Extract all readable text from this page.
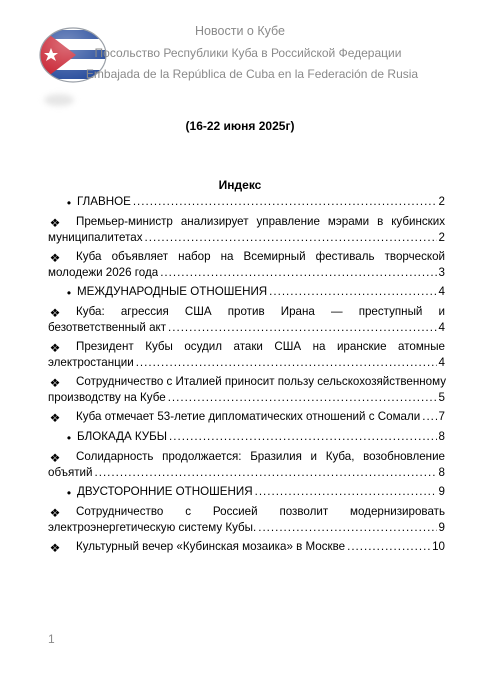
Новости о Кубе
Посольство Республики Куба в Российской Федерации
Embajada de la República de Cuba en la Federación de Rusia
(16-22 июня 2025г)
Индекс
• ГЛАВНОЕ .....	2
❖ Премьер-министр анализирует управление мэрами в кубинских
муниципалитетах .....	2
❖ Куба объявляет набор на Всемирный фестиваль творческой
молодежи 2026 года .....	3
• МЕЖДУНАРОДНЫЕ ОТНОШЕНИЯ .....	4
❖ Куба: агрессия США против Ирана — преступный и
безответственный акт .....	4
❖ Президент Кубы осудил атаки США на иранские атомные
электростанции .....	4
❖ Сотрудничество с Италией приносит пользу сельскохозяйственному
производству на Кубе .....	5
❖ Куба отмечает 53-летие дипломатических отношений с Сомали ..... 7
• БЛОКАДА КУБЫ .....	8
❖ Солидарность продолжается: Бразилия и Куба, возобновление
объятий .....	8
• ДВУСТОРОННИЕ ОТНОШЕНИЯ .....	9
❖ Сотрудничество с Россией позволит модернизировать
электроэнергетическую систему Кубы. .....	9
❖ Культурный вечер «Кубинская мозаика» в Москве .....	10
1
